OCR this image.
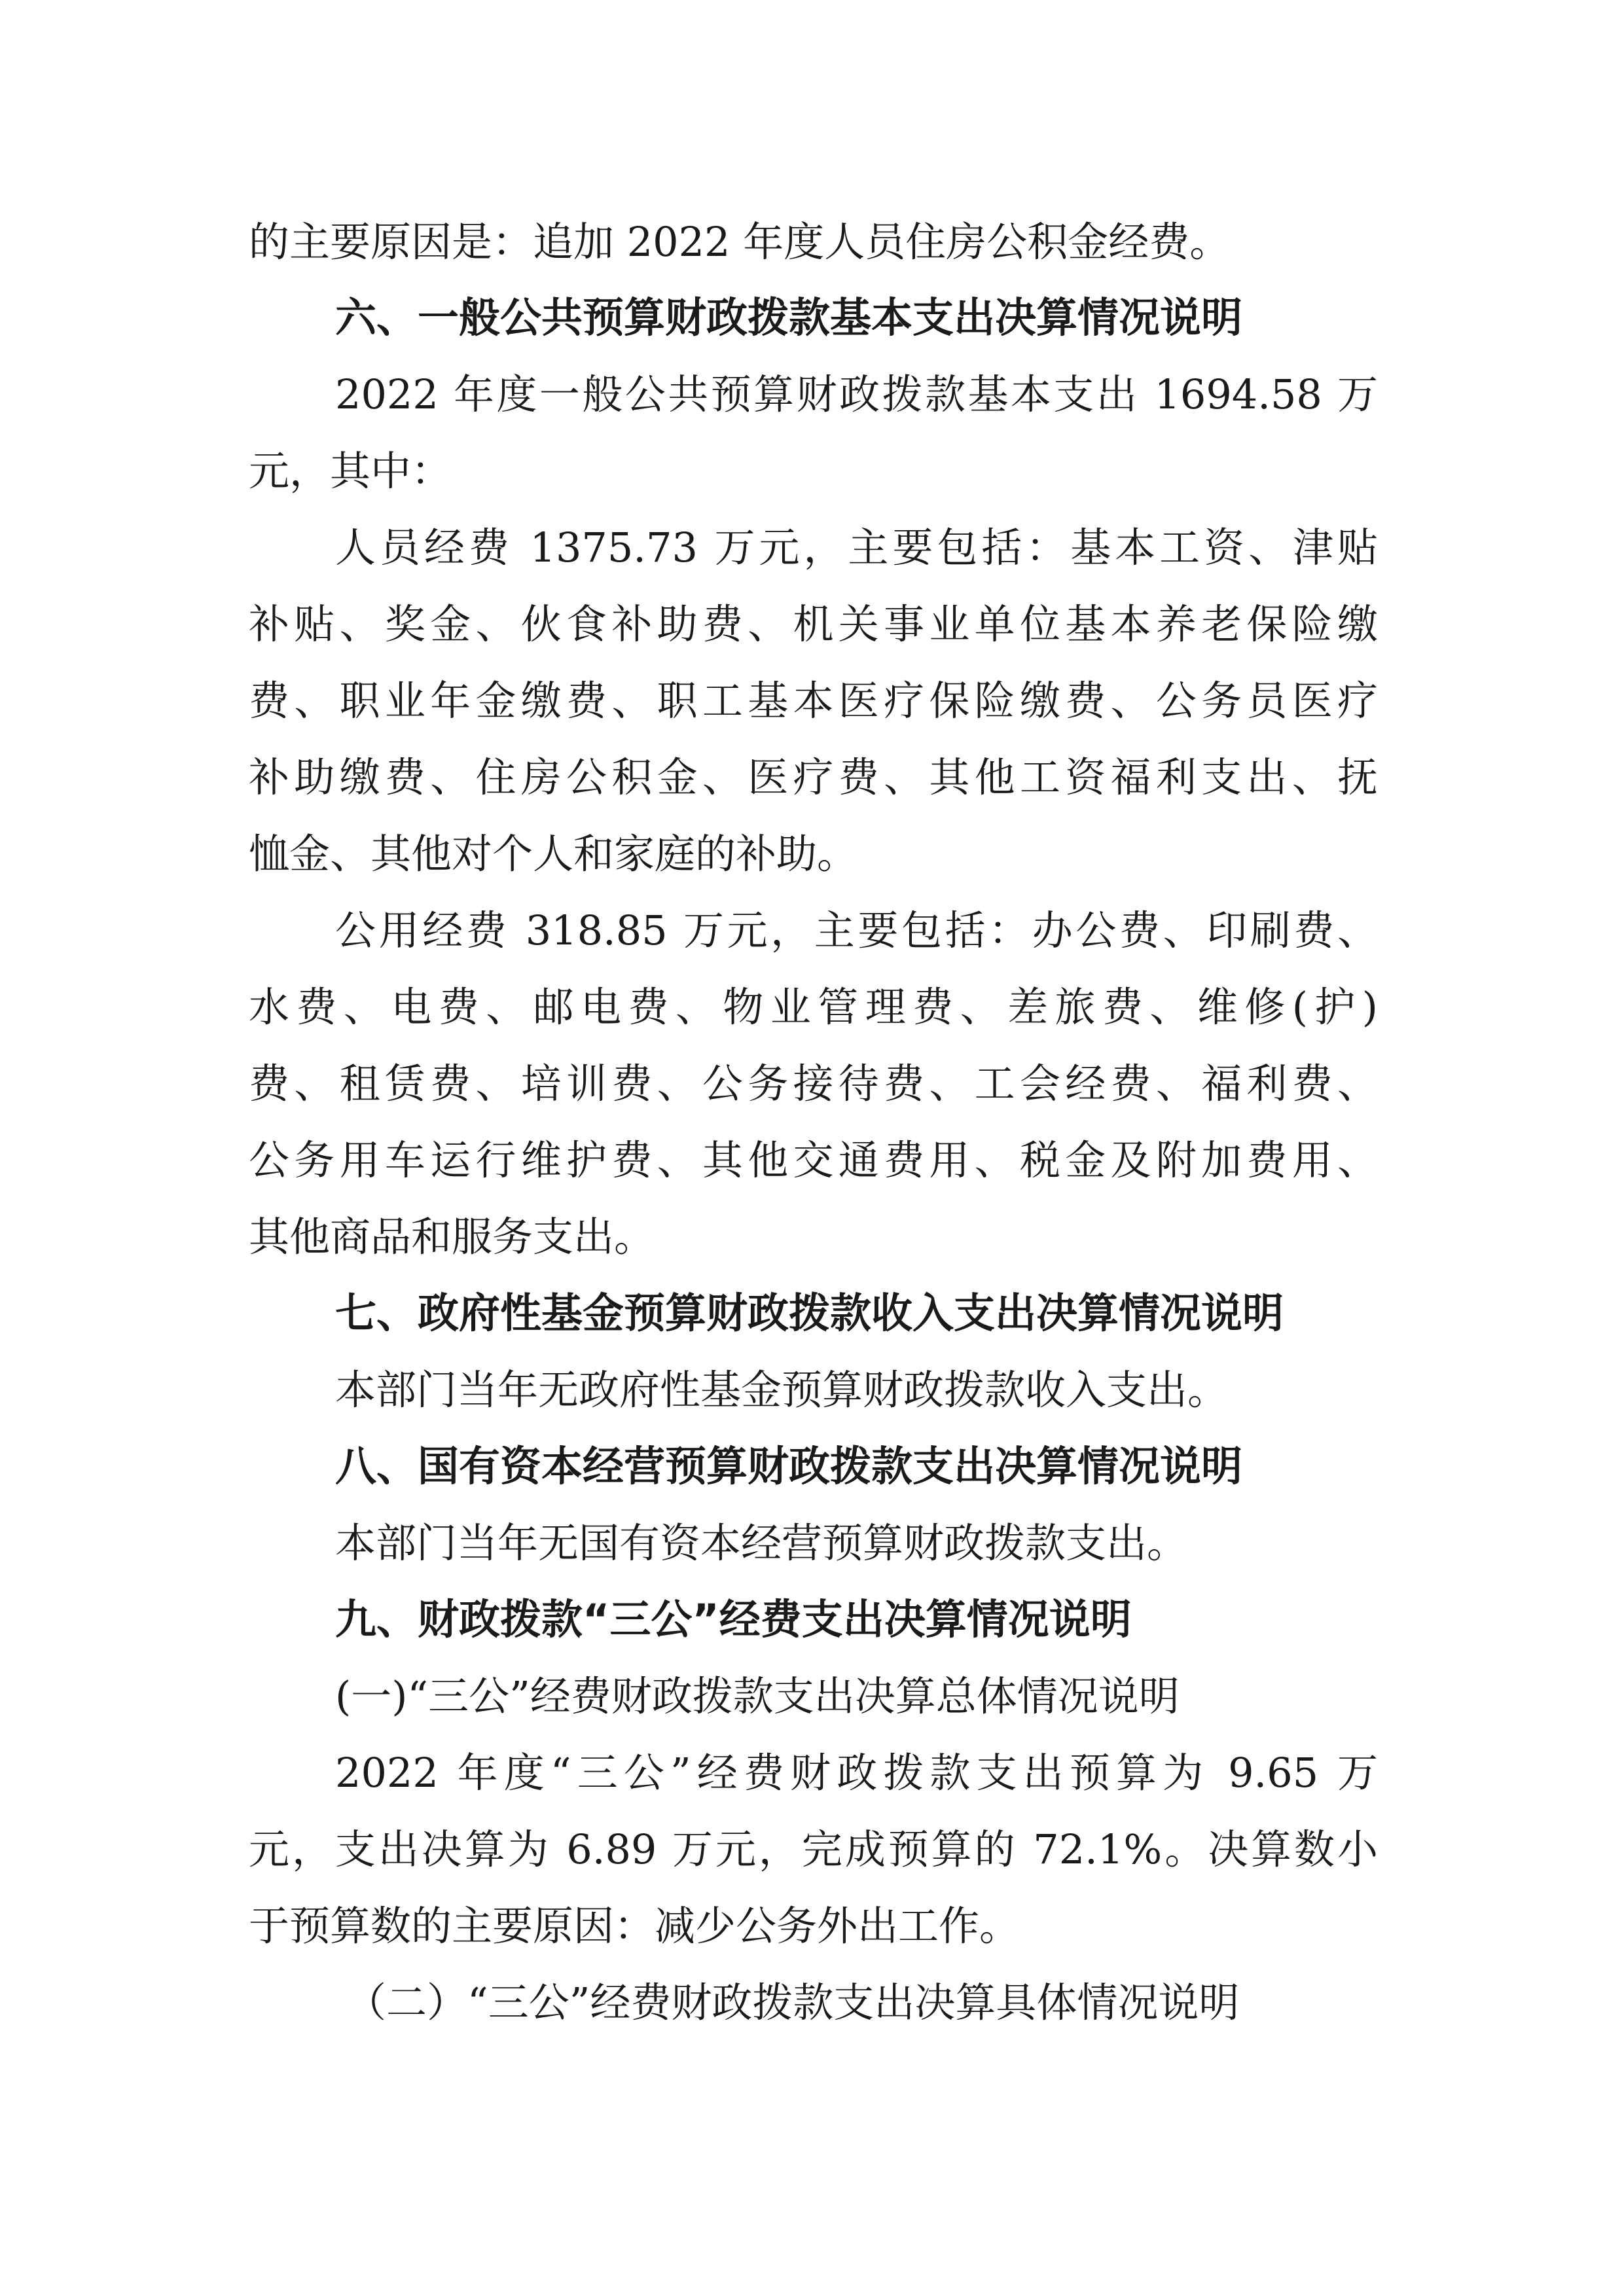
的主要原因是：追加 2022 年度人员住房公积金经费。

六、一般公共预算财政拨款基本支出决算情况说明

2022 年度一般公共预算财政拨款基本支出 1694.58 万

元，其中：

人员经费 1375.73 万元，主要包括：基本工资、津贴

补贴、奖金、伙食补助费、机关事业单位基本养老保险缴

费、职业年金缴费、职工基本医疗保险缴费、公务员医疗

补助缴费、住房公积金、医疗费、其他工资福利支出、抚

恤金、其他对个人和家庭的补助。

公用经费 318.85 万元，主要包括：办公费、印刷费、

水费、电费、邮电费、物业管理费、差旅费、维修(护)

费、租赁费、培训费、公务接待费、工会经费、福利费、

公务用车运行维护费、其他交通费用、税金及附加费用、

其他商品和服务支出。

七、政府性基金预算财政拨款收入支出决算情况说明

本部门当年无政府性基金预算财政拨款收入支出。

八、国有资本经营预算财政拨款支出决算情况说明

本部门当年无国有资本经营预算财政拨款支出。

九、财政拨款“三公”经费支出决算情况说明

(一)“三公”经费财政拨款支出决算总体情况说明

2022 年度“三公”经费财政拨款支出预算为 9.65 万

元，支出决算为 6.89 万元，完成预算的 72.1%。决算数小

于预算数的主要原因：减少公务外出工作。

（二）“三公”经费财政拨款支出决算具体情况说明
